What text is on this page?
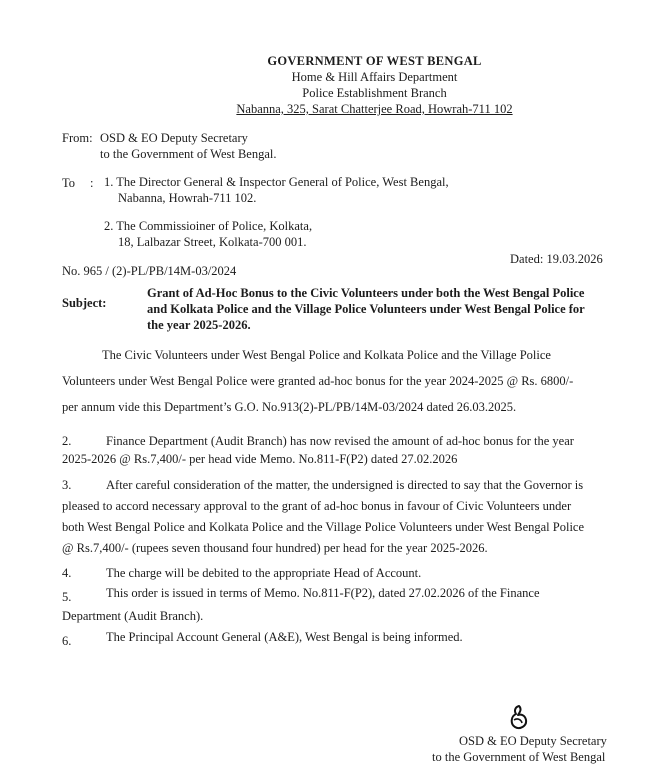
GOVERNMENT OF WEST BENGAL
Home & Hill Affairs Department
Police Establishment Branch
Nabanna, 325, Sarat Chatterjee Road, Howrah-711 102
From: OSD & EO Deputy Secretary
to the Government of West Bengal.
To : 1. The Director General & Inspector General of Police, West Bengal,
Nabanna, Howrah-711 102.
2. The Commissioiner of Police, Kolkata,
18, Lalbazar Street, Kolkata-700 001.
No. 965 / (2)-PL/PB/14M-03/2024
Dated: 19.03.2026
Subject:
Grant of Ad-Hoc Bonus to the Civic Volunteers under both the West Bengal Police
and Kolkata Police and the Village Police Volunteers under West Bengal Police for
the year 2025-2026.
The Civic Volunteers under West Bengal Police and Kolkata Police and the Village Police
Volunteers under West Bengal Police were granted ad-hoc bonus for the year 2024-2025 @ Rs. 6800/-
per annum vide this Department’s G.O. No.913(2)-PL/PB/14M-03/2024 dated 26.03.2025.
2.	Finance Department (Audit Branch) has now revised the amount of ad-hoc bonus for the year
2025-2026 @ Rs.7,400/- per head vide Memo. No.811-F(P2) dated 27.02.2026
3.	After careful consideration of the matter, the undersigned is directed to say that the Governor is
pleased to accord necessary approval to the grant of ad-hoc bonus in favour of Civic Volunteers under
both West Bengal Police and Kolkata Police and the Village Police Volunteers under West Bengal Police
@ Rs.7,400/- (rupees seven thousand four hundred) per head for the year 2025-2026.
4.	The charge will be debited to the appropriate Head of Account.
5.	This order is issued in terms of Memo. No.811-F(P2), dated 27.02.2026 of the Finance
Department (Audit Branch).
6.	The Principal Account General (A&E), West Bengal is being informed.
OSD & EO Deputy Secretary
to the Government of West Bengal
